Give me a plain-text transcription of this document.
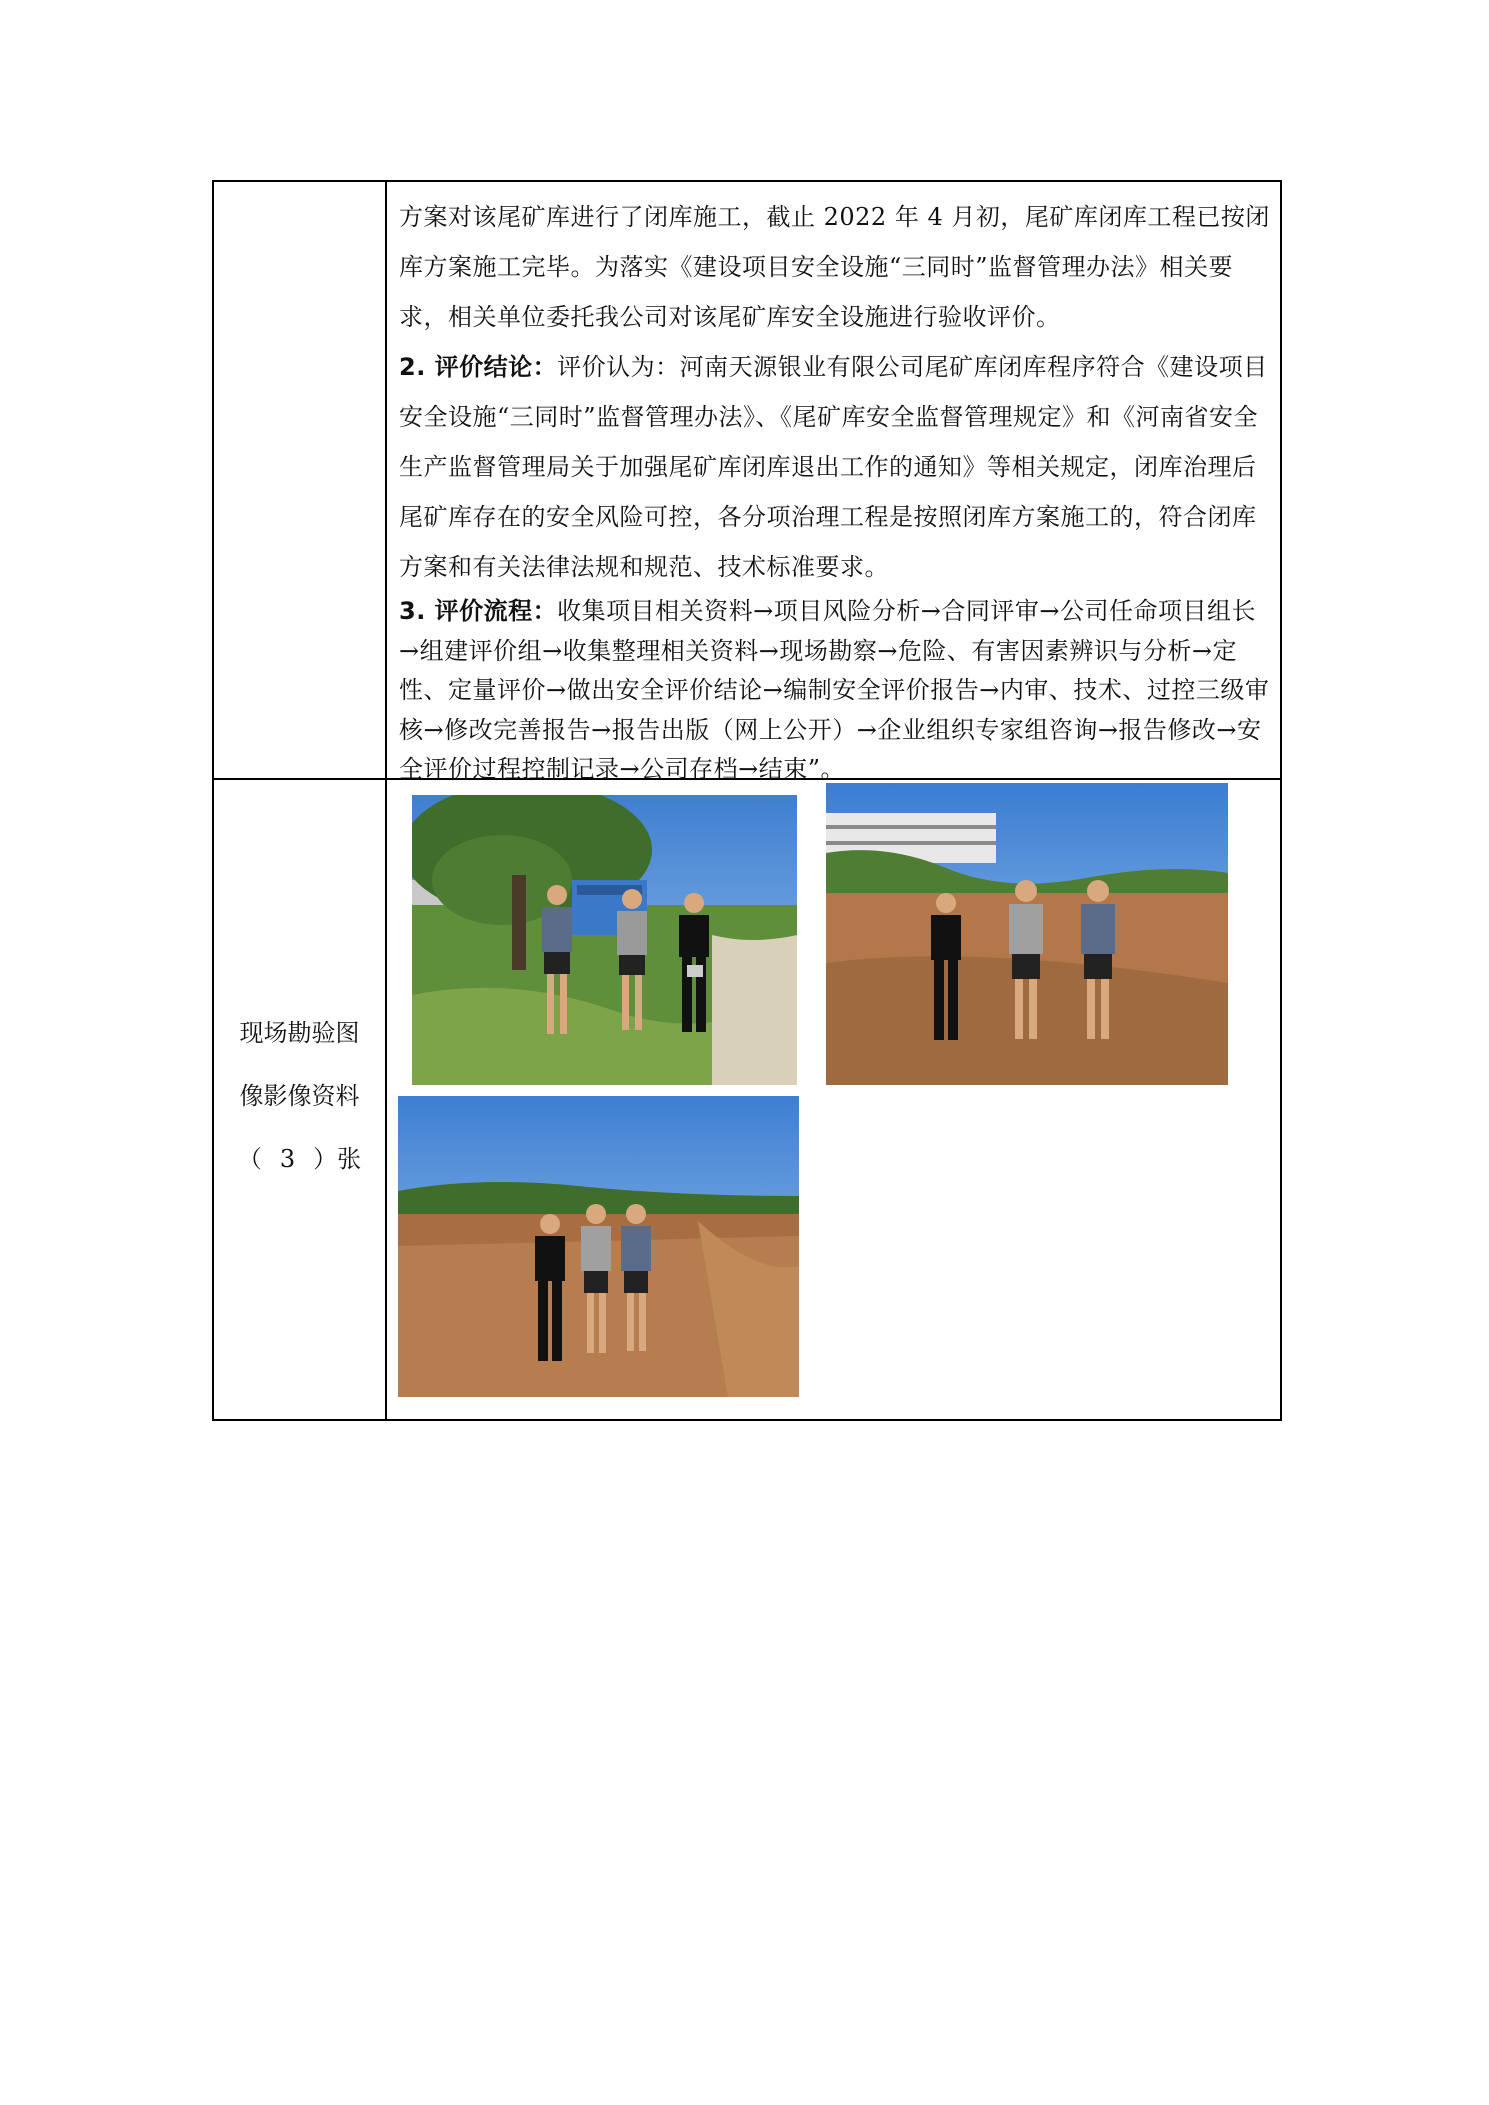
方案对该尾矿库进行了闭库施工，截止 2022 年 4 月初，尾矿库闭库工程已按闭库方案施工完毕。为落实《建设项目安全设施“三同时”监督管理办法》相关要求，相关单位委托我公司对该尾矿库安全设施进行验收评价。

2. 评价结论：评价认为：河南天源银业有限公司尾矿库闭库程序符合《建设项目安全设施“三同时”监督管理办法》、《尾矿库安全监督管理规定》和《河南省安全生产监督管理局关于加强尾矿库闭库退出工作的通知》等相关规定，闭库治理后尾矿库存在的安全风险可控，各分项治理工程是按照闭库方案施工的，符合闭库方案和有关法律法规和规范、技术标准要求。

3. 评价流程：收集项目相关资料→项目风险分析→合同评审→公司任命项目组长→组建评价组→收集整理相关资料→现场勘察→危险、有害因素辨识与分析→定性、定量评价→做出安全评价结论→编制安全评价报告→内审、技术、过控三级审核→修改完善报告→报告出版（网上公开）→企业组织专家组咨询→报告修改→安全评价过程控制记录→公司存档→结束”。

现场勘验图
像影像资料
（ 3 ）张
